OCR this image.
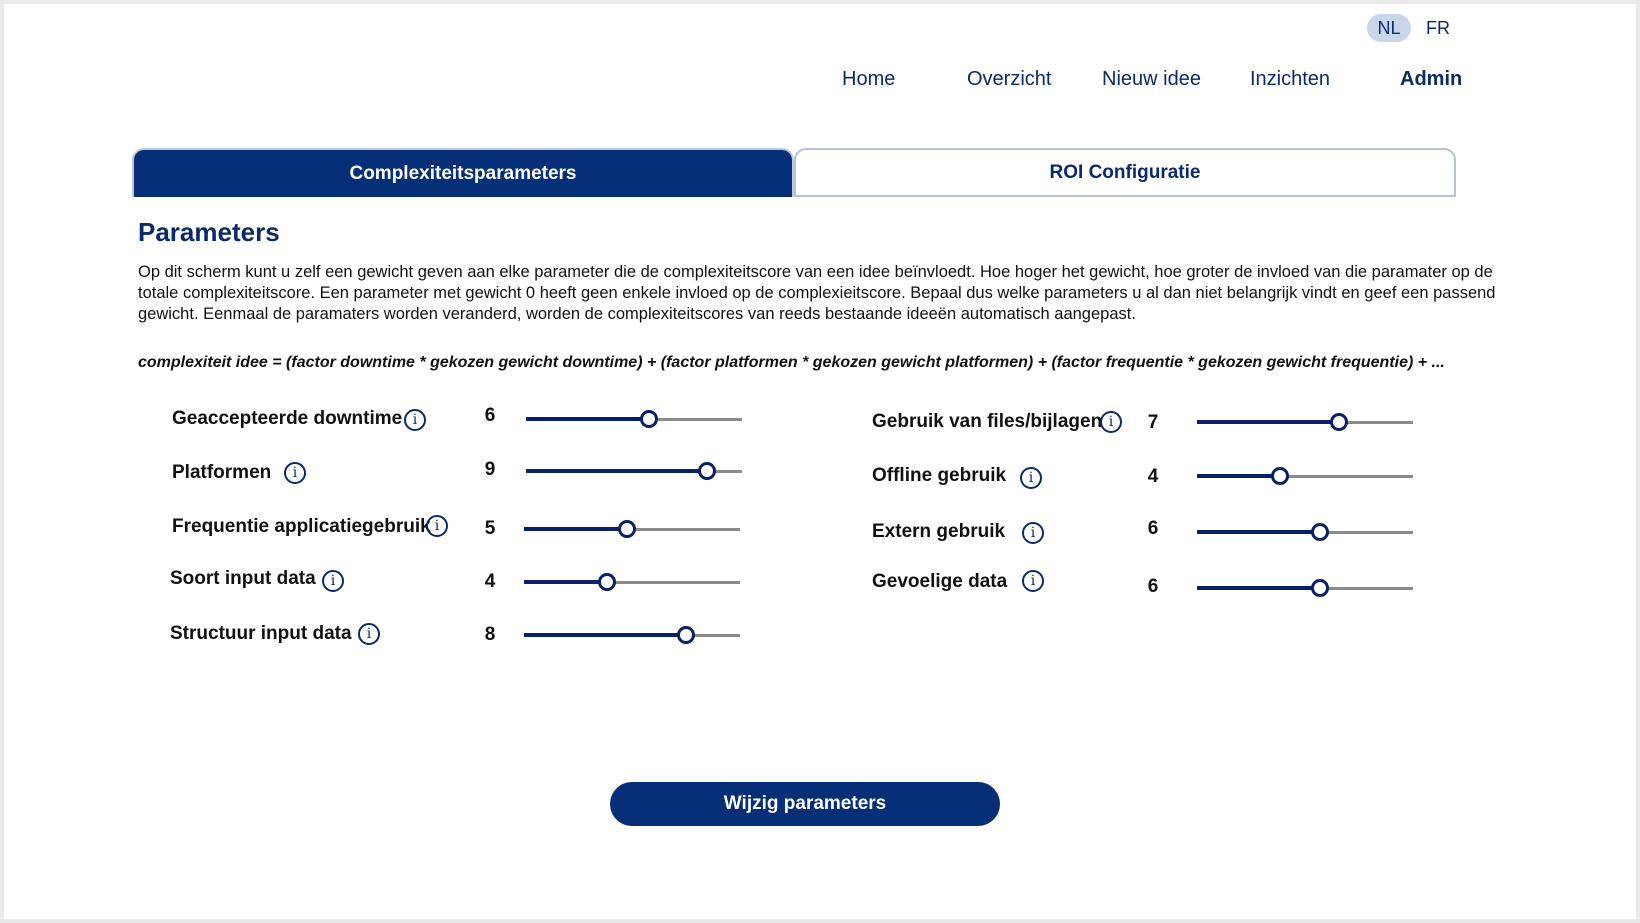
NL	FR
Home	Overzicht	Nieuw idee Inzichten	Admin
Complexiteitsparameters	ROI Configuratie
Parameters
Op dit scherm kunt u zelf een gewicht geven aan elke parameter die de complexiteitscore van een idee beïnvloedt. Hoe hoger het gewicht, hoe groter de invloed van die paramater op de totale complexiteitscore. Een parameter met gewicht 0 heeft geen enkele invloed op de complexieitscore. Bepaal dus welke parameters u al dan niet belangrijk vindt en geef een passend gewicht. Eenmaal de paramaters worden veranderd, worden de complexiteitscores van reeds bestaande ideeën automatisch aangepast.
complexiteit idee = (factor downtime * gekozen gewicht downtime) + (factor platformen * gekozen gewicht platformen) + (factor frequentie * gekozen gewicht frequentie) + ...
Geaccepteerde downtime i	6
Platformen	i	9
Frequentie applicatiegebruik i	5
Soort input data	i	4
Structuur input data	i	8
Gebruik van files/bijlagen i	7
Offline gebruik	i	4
Extern gebruik	i	6
Gevoelige data	i	6
Wijzig parameters
